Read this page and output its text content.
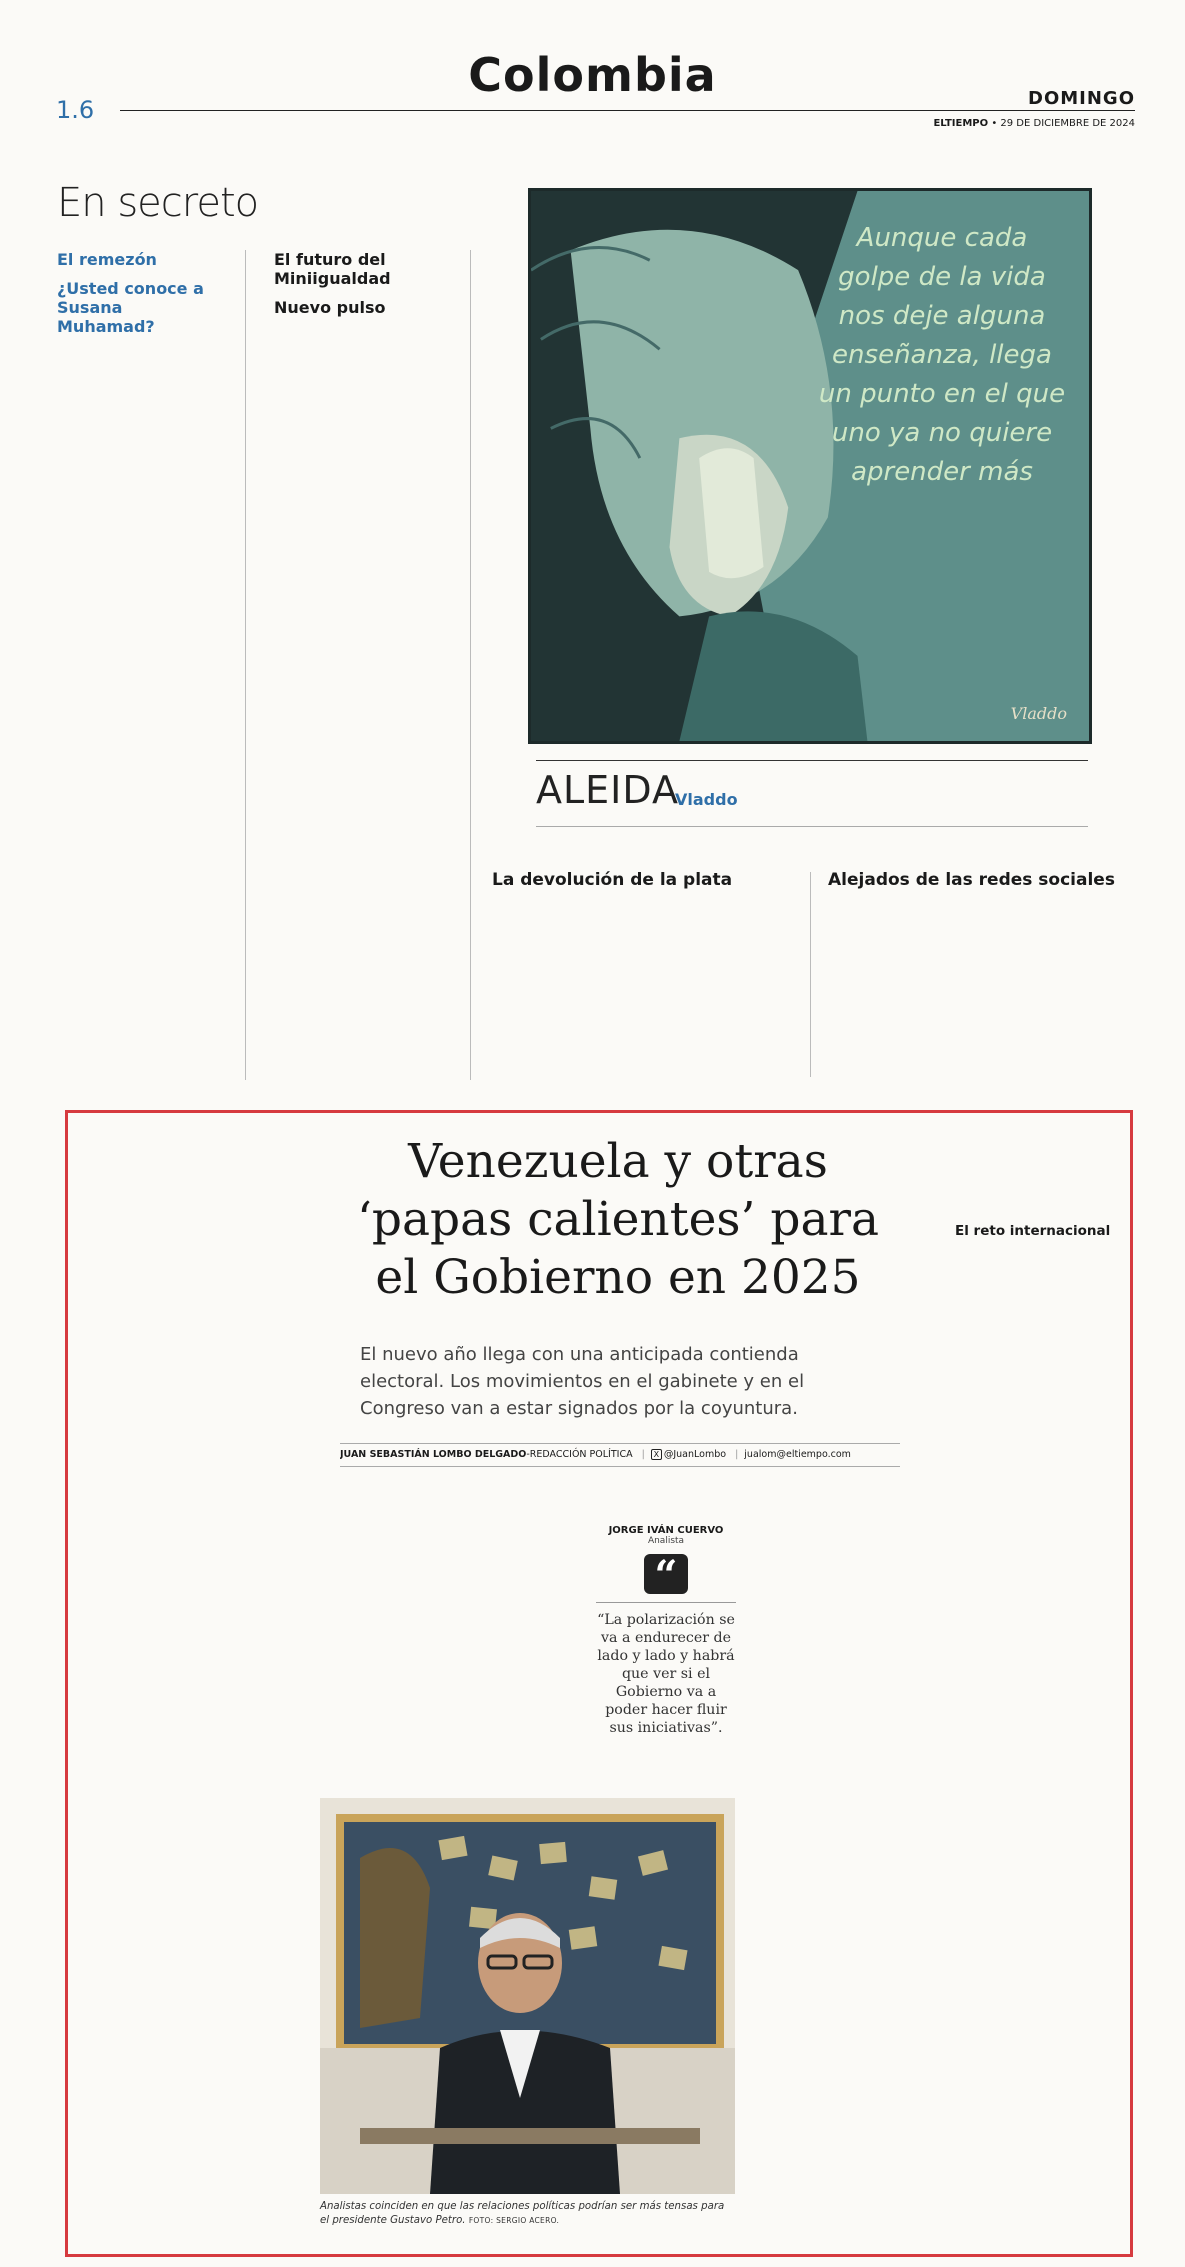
1.6
Colombia	DOMINGO
ELTIEMPO • 29 DE DICIEMBRE DE 2024
En secreto
El remezón

¿Usted conoce a Susana Muhamad?

El futuro del Miniigualdad

Nuevo pulso

Aunque cada golpe de la vida nos deje alguna enseñanza, llega un punto en el que uno ya no quiere aprender más
Vladdo
ALEIDA
Vladdo
La devolución de la plata	Alejados de las redes sociales
Venezuela y otras ‘papas calientes’ para el Gobierno en 2025
El nuevo año llega con una anticipada contienda electoral. Los movimientos en el gabinete y en el Congreso van a estar signados por la coyuntura.
JUAN SEBASTIÁN LOMBO DELGADO-REDACCIÓN POLÍTICA | X @JuanLombo | jualom@eltiempo.com
JORGE IVÁN CUERVO
Analista
“
“La polarización se va a endurecer de lado y lado y habrá que ver si el Gobierno va a poder hacer fluir sus iniciativas”.
El reto internacional
Analistas coinciden en que las relaciones políticas podrían ser más tensas para el presidente Gustavo Petro. FOTO: SERGIO ACERO.
